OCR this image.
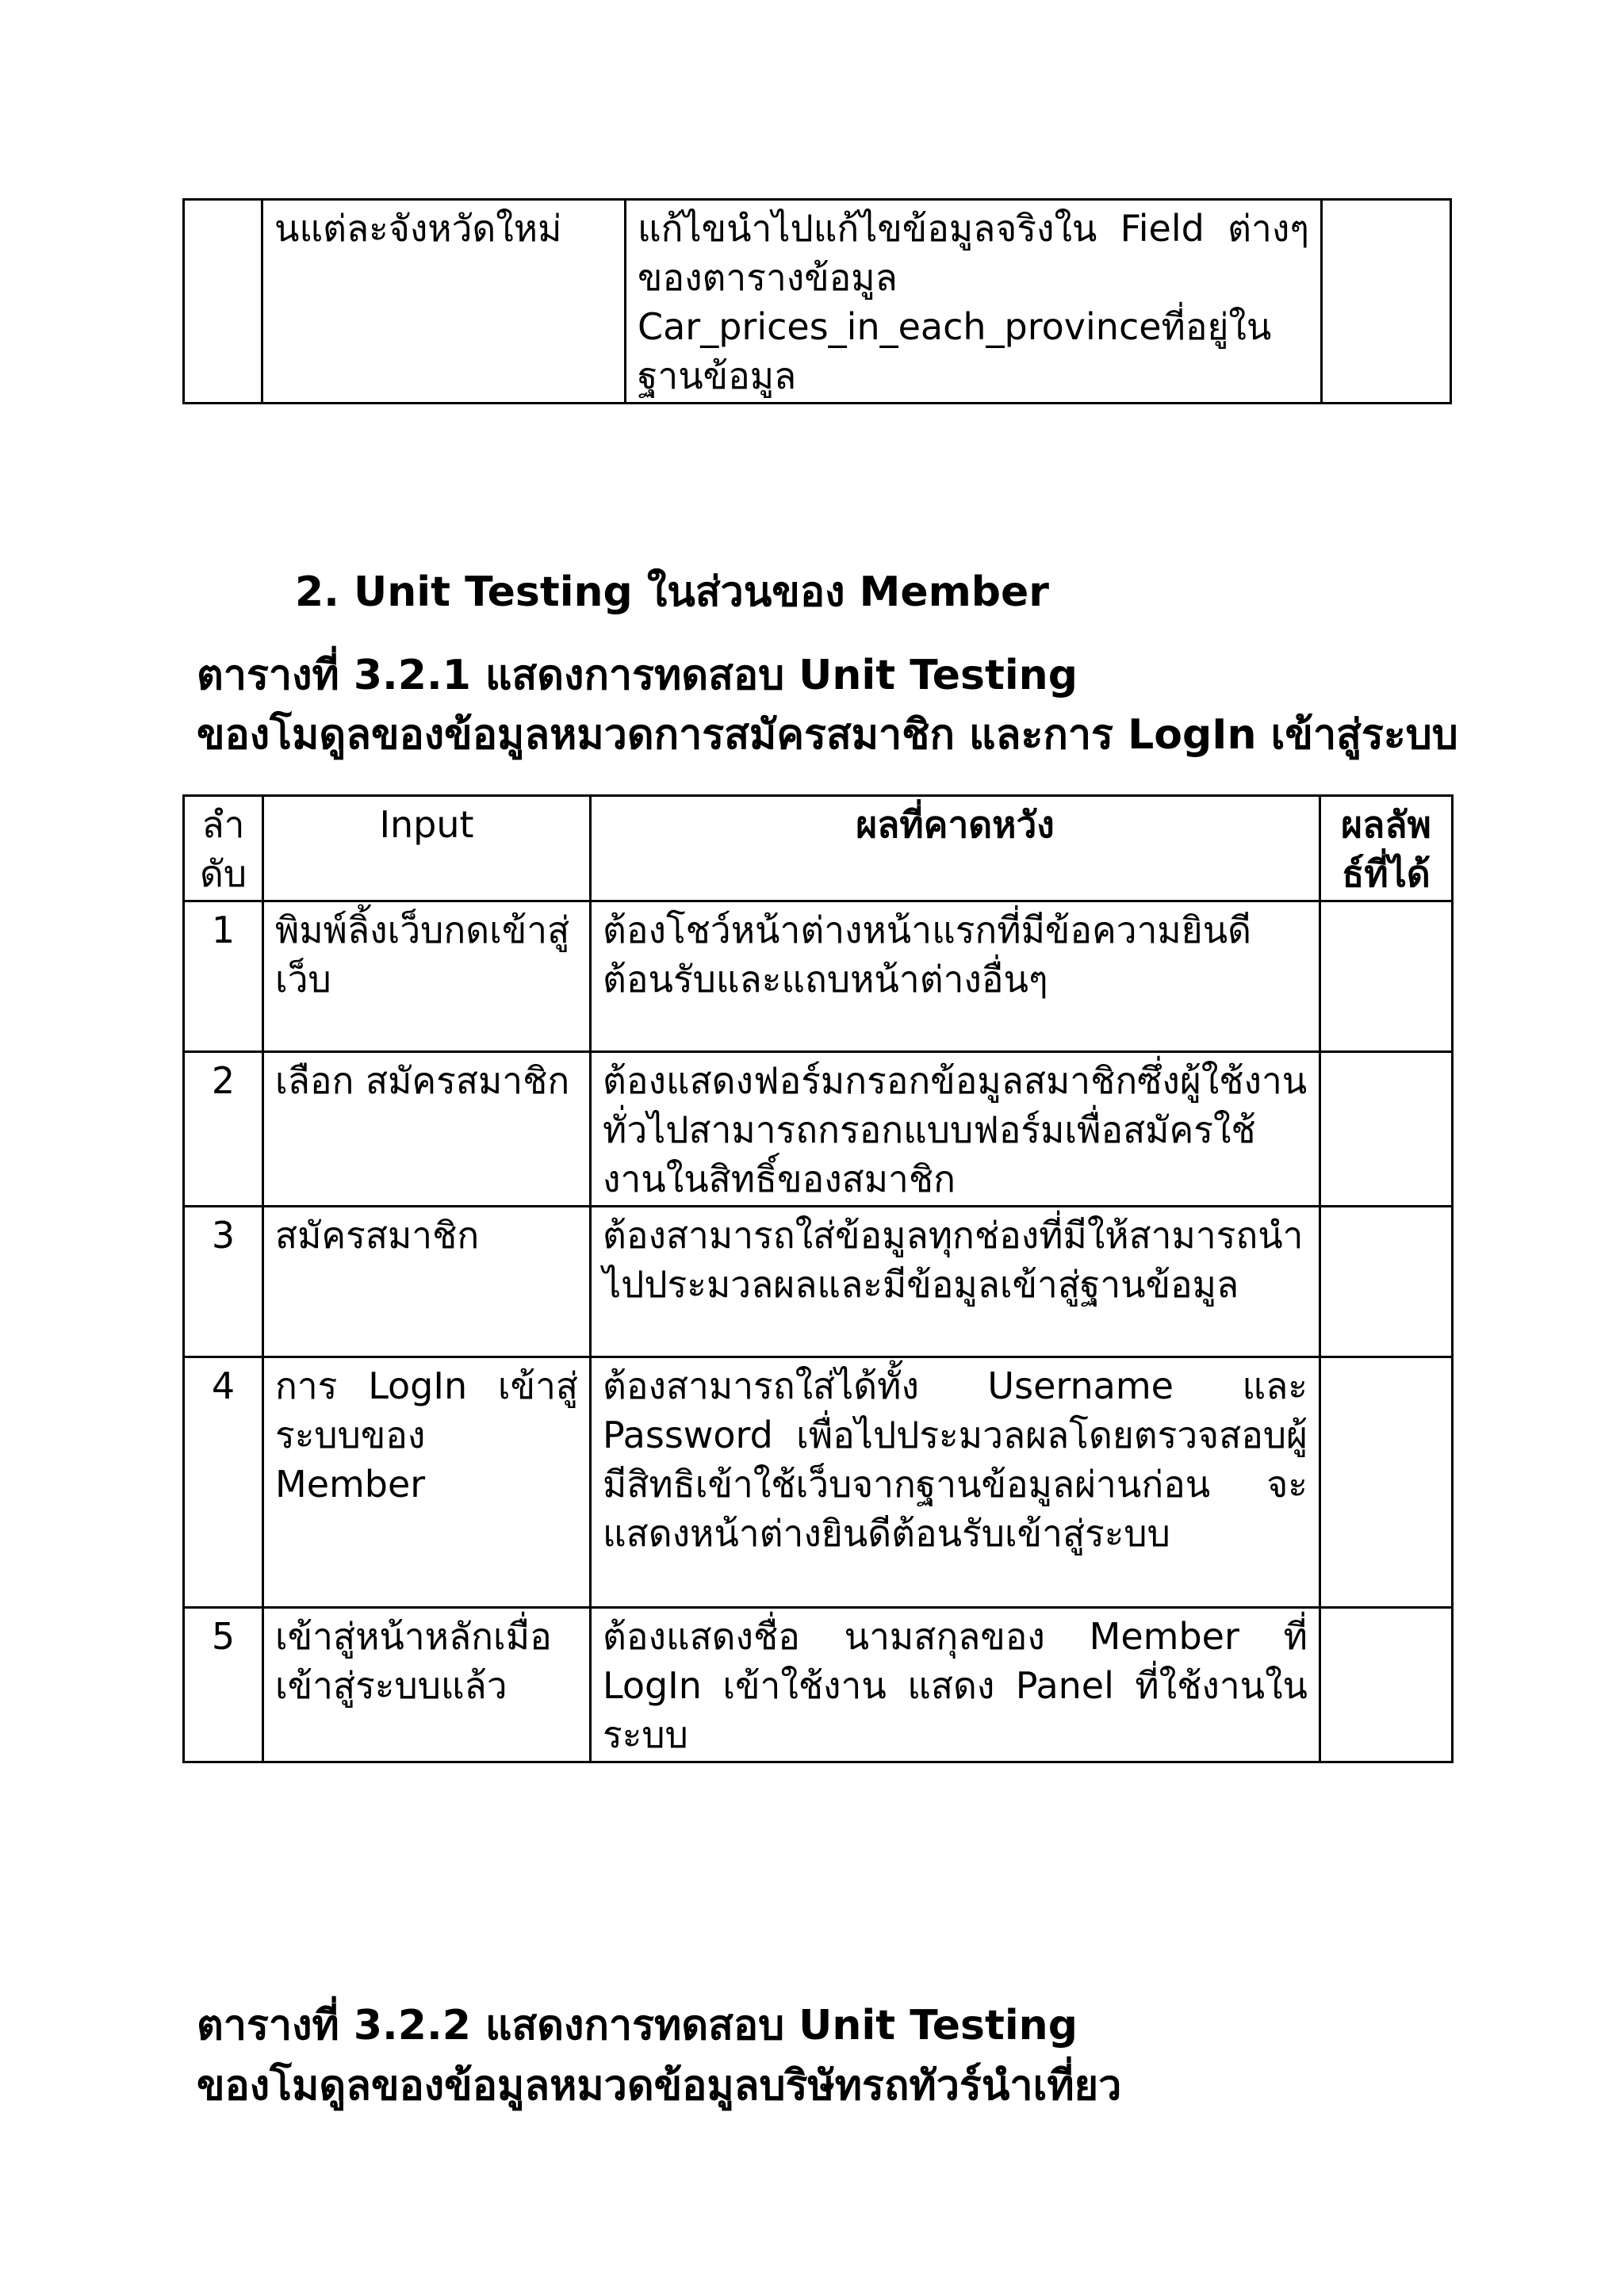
	นแต่ละจังหวัดใหม่	แก้ไขนำไปแก้ไขข้อมูลจริงใน Field ต่างๆ ของตารางข้อมูล Car_prices_in_each_provinceที่อยู่ในฐานข้อมูล	
2. Unit Testing ในส่วนของ Member
ตารางที่ 3.2.1 แสดงการทดสอบ Unit Testing
ของโมดูลของข้อมูลหมวดการสมัครสมาชิก และการ LogIn เข้าสู่ระบบ
ลำดับ	Input	ผลที่คาดหวัง	ผลลัพธ์ที่ได้
1	พิมพ์ลิ้งเว็บกดเข้าสู่เว็บ	ต้องโชว์หน้าต่างหน้าแรกที่มีข้อความยินดีต้อนรับและแถบหน้าต่างอื่นๆ	
2	เลือก สมัครสมาชิก	ต้องแสดงฟอร์มกรอกข้อมูลสมาชิกซึ่งผู้ใช้งานทั่วไปสามารถกรอกแบบฟอร์มเพื่อสมัครใช้งานในสิทธิ์ของสมาชิก	
3	สมัครสมาชิก	ต้องสามารถใส่ข้อมูลทุกช่องที่มีให้สามารถนำไปประมวลผลและมีข้อมูลเข้าสู่ฐานข้อมูล	
4	การ LogIn เข้าสู่ระบบของ Member	ต้องสามารถใส่ได้ทั้ง Username และ Password เพื่อไปประมวลผลโดยตรวจสอบผู้มีสิทธิเข้าใช้เว็บจากฐานข้อมูลผ่านก่อน จะแสดงหน้าต่างยินดีต้อนรับเข้าสู่ระบบ	
5	เข้าสู่หน้าหลักเมื่อเข้าสู่ระบบแล้ว	ต้องแสดงชื่อ นามสกุลของ Member ที่ LogIn เข้าใช้งาน แสดง Panel ที่ใช้งานในระบบ	
ตารางที่ 3.2.2 แสดงการทดสอบ Unit Testing
ของโมดูลของข้อมูลหมวดข้อมูลบริษัทรถทัวร์นำเที่ยว
